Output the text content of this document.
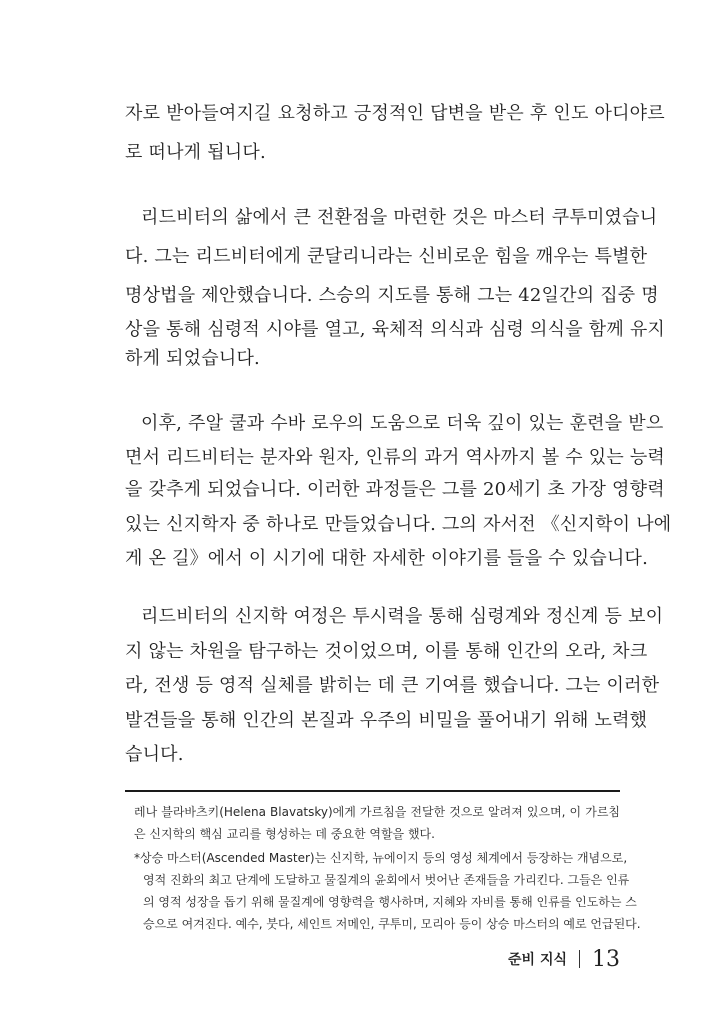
자로 받아들여지길 요청하고 긍정적인 답변을 받은 후 인도 아디야르
로 떠나게 됩니다.
리드비터의 삶에서 큰 전환점을 마련한 것은 마스터 쿠투미였습니
다. 그는 리드비터에게 쿤달리니라는 신비로운 힘을 깨우는 특별한
명상법을 제안했습니다. 스승의 지도를 통해 그는 42일간의 집중 명
상을 통해 심령적 시야를 열고, 육체적 의식과 심령 의식을 함께 유지
하게 되었습니다.
이후, 주알 쿨과 수바 로우의 도움으로 더욱 깊이 있는 훈련을 받으
면서 리드비터는 분자와 원자, 인류의 과거 역사까지 볼 수 있는 능력
을 갖추게 되었습니다. 이러한 과정들은 그를 20세기 초 가장 영향력
있는 신지학자 중 하나로 만들었습니다. 그의 자서전 《신지학이 나에
게 온 길》에서 이 시기에 대한 자세한 이야기를 들을 수 있습니다.
리드비터의 신지학 여정은 투시력을 통해 심령계와 정신계 등 보이
지 않는 차원을 탐구하는 것이었으며, 이를 통해 인간의 오라, 차크
라, 전생 등 영적 실체를 밝히는 데 큰 기여를 했습니다. 그는 이러한
발견들을 통해 인간의 본질과 우주의 비밀을 풀어내기 위해 노력했
습니다.
레나 블라바츠키(Helena Blavatsky)에게 가르침을 전달한 것으로 알려져 있으며, 이 가르침
은 신지학의 핵심 교리를 형성하는 데 중요한 역할을 했다.
*상승 마스터(Ascended Master)는 신지학, 뉴에이지 등의 영성 체계에서 등장하는 개념으로,
영적 진화의 최고 단계에 도달하고 물질계의 윤회에서 벗어난 존재들을 가리킨다. 그들은 인류
의 영적 성장을 돕기 위해 물질계에 영향력을 행사하며, 지혜와 자비를 통해 인류를 인도하는 스
승으로 여겨진다. 예수, 붓다, 세인트 저메인, 쿠투미, 모리아 등이 상승 마스터의 예로 언급된다.
준비 지식 13
